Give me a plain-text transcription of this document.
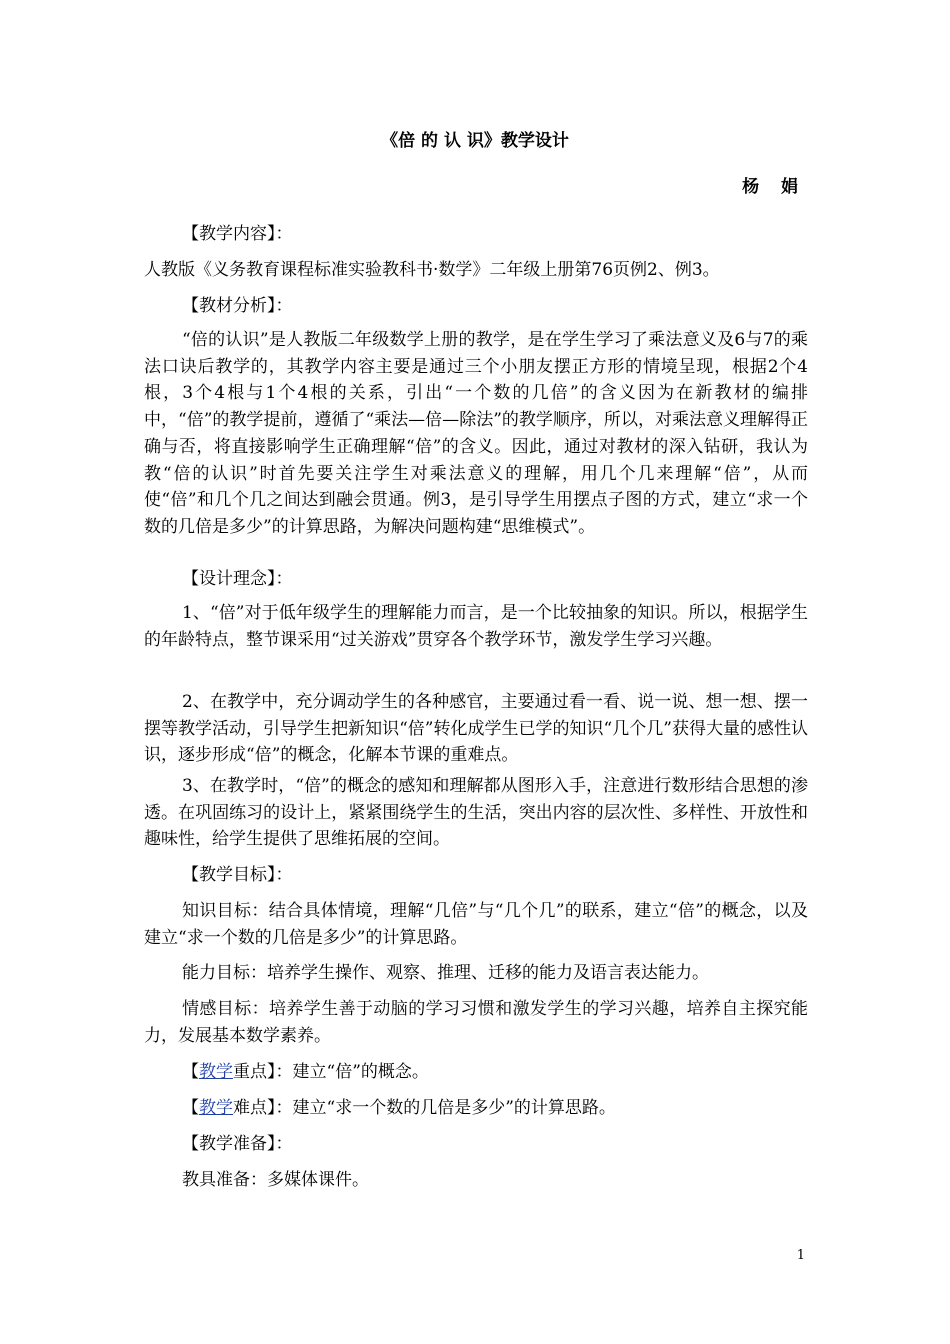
《倍 的 认 识》教学设计
杨 娟
【教学内容】：
人教版《义务教育课程标准实验教科书·数学》二年级上册第76页例2、例3。
【教材分析】：
“倍的认识”是人教版二年级数学上册的教学，是在学生学习了乘法意义及6与7的乘法口诀后教学的，其教学内容主要是通过三个小朋友摆正方形的情境呈现，根据2个4根，3个4根与1个4根的关系，引出“一个数的几倍”的含义因为在新教材的编排中，“倍”的教学提前，遵循了“乘法—倍—除法”的教学顺序，所以，对乘法意义理解得正确与否，将直接影响学生正确理解“倍”的含义。因此，通过对教材的深入钻研，我认为教“倍的认识”时首先要关注学生对乘法意义的理解，用几个几来理解“倍”，从而使“倍”和几个几之间达到融会贯通。例3，是引导学生用摆点子图的方式，建立“求一个数的几倍是多少”的计算思路，为解决问题构建“思维模式”。
【设计理念】：
1、“倍”对于低年级学生的理解能力而言，是一个比较抽象的知识。所以，根据学生的年龄特点，整节课采用“过关游戏”贯穿各个教学环节，激发学生学习兴趣。
2、在教学中，充分调动学生的各种感官，主要通过看一看、说一说、想一想、摆一摆等教学活动，引导学生把新知识“倍”转化成学生已学的知识“几个几”获得大量的感性认识，逐步形成“倍”的概念，化解本节课的重难点。
3、在教学时，“倍”的概念的感知和理解都从图形入手，注意进行数形结合思想的渗透。在巩固练习的设计上，紧紧围绕学生的生活，突出内容的层次性、多样性、开放性和趣味性，给学生提供了思维拓展的空间。
【教学目标】：
知识目标：结合具体情境，理解“几倍”与“几个几”的联系，建立“倍”的概念，以及建立“求一个数的几倍是多少”的计算思路。
能力目标：培养学生操作、观察、推理、迁移的能力及语言表达能力。
情感目标：培养学生善于动脑的学习习惯和激发学生的学习兴趣，培养自主探究能力，发展基本数学素养。
【教学重点】：建立“倍”的概念。
【教学难点】：建立“求一个数的几倍是多少”的计算思路。
【教学准备】：
教具准备：多媒体课件。
1
